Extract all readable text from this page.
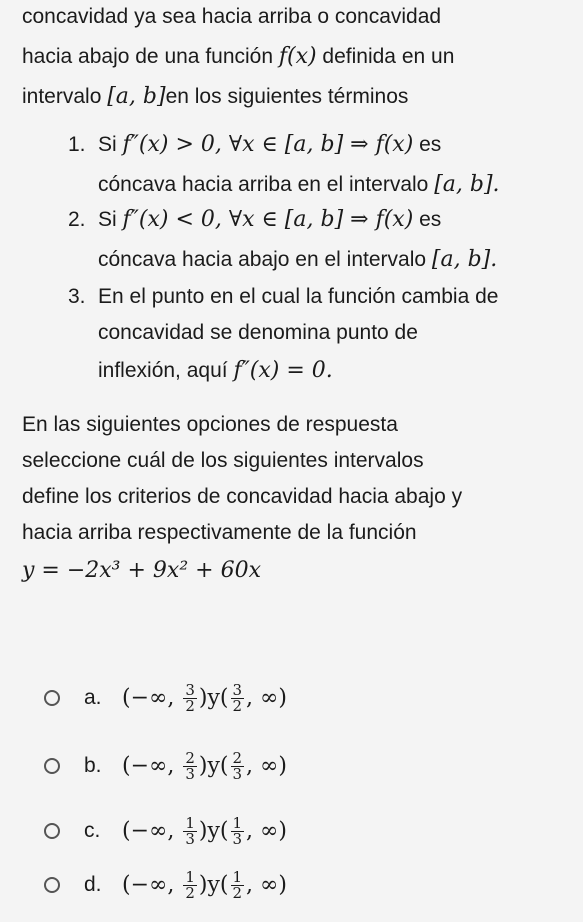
concavidad ya sea hacia arriba o concavidad
hacia abajo de una función f(x) definida en un
intervalo [a, b]en los siguientes términos
1. Si f″(x) > 0, ∀x ∈ [a, b] ⇒ f(x) es
cóncava hacia arriba en el intervalo [a, b].
2. Si f″(x) < 0, ∀x ∈ [a, b] ⇒ f(x) es
cóncava hacia abajo en el intervalo [a, b].
3. En el punto en el cual la función cambia de
concavidad se denomina punto de
inflexión, aquí f″(x) = 0.
En las siguientes opciones de respuesta
seleccione cuál de los siguientes intervalos
define los criterios de concavidad hacia abajo y
hacia arriba respectivamente de la función
y = −2x³ + 9x² + 60x
a. (−∞, $\frac{3}{2} )y( \frac{3}{2}$ , ∞)
b. (−∞, $\frac{2}{3} )y( \frac{2}{3}$ , ∞)
c. (−∞, $\frac{1}{3} )y( \frac{1}{3}$ , ∞)
d. (−∞, $\frac{1}{2} )y( \frac{1}{2}$ , ∞)
